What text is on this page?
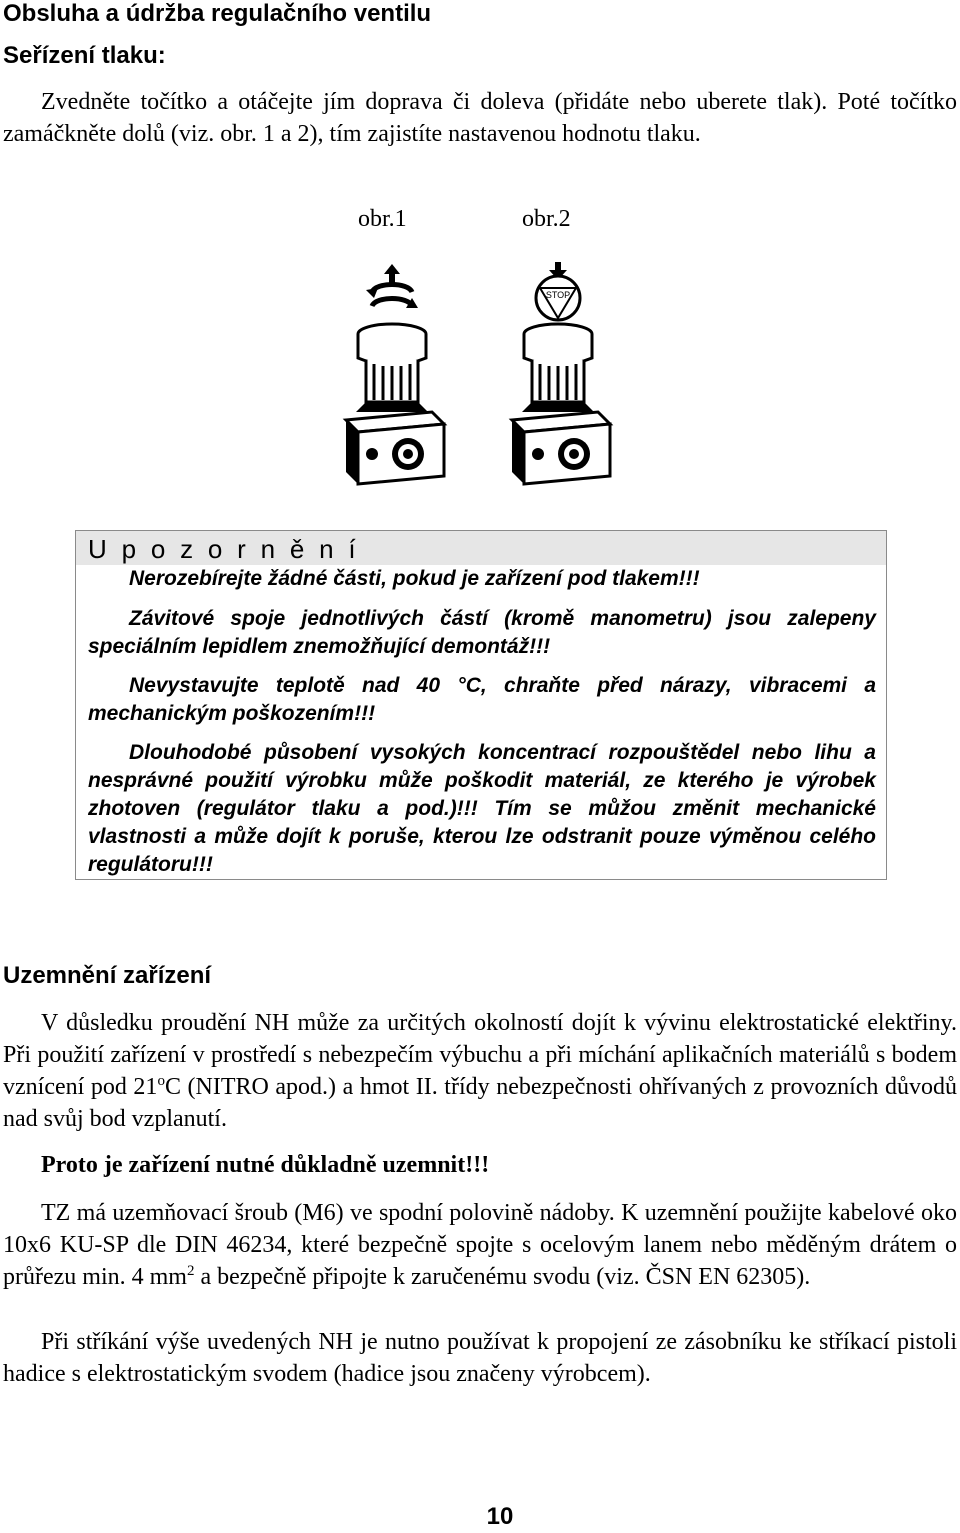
Obsluha a údržba regulačního ventilu
Seřízení tlaku:
Zvedněte točítko a otáčejte jím doprava či doleva (přidáte nebo uberete tlak). Poté točítko zamáčkněte dolů (viz. obr. 1 a 2), tím zajistíte nastavenou hodnotu tlaku.
obr.1	obr.2
STOP
Upozornění
Nerozebírejte žádné části, pokud je zařízení pod tlakem!!!
Závitové spoje jednotlivých částí (kromě manometru) jsou zalepeny speciálním lepidlem znemožňující demontáž!!!
Nevystavujte teplotě nad 40 °C, chraňte před nárazy, vibracemi a mechanickým poškozením!!!
Dlouhodobé působení vysokých koncentrací rozpouštědel nebo lihu a nesprávné použití výrobku může poškodit materiál, ze kterého je výrobek zhotoven (regulátor tlaku a pod.)!!! Tím se můžou změnit mechanické vlastnosti a může dojít k poruše, kterou lze odstranit pouze výměnou celého regulátoru!!!
Uzemnění zařízení
V důsledku proudění NH může za určitých okolností dojít k vývinu elektrostatické elektřiny. Při použití zařízení v prostředí s nebezpečím výbuchu a při míchání aplikačních materiálů s bodem vznícení pod 21$^o$C (NITRO apod.) a hmot II. třídy nebezpečnosti ohřívaných z provozních důvodů nad svůj bod vzplanutí.
Proto je zařízení nutné důkladně uzemnit!!!
TZ má uzemňovací šroub (M6) ve spodní polovině nádoby. K uzemnění použijte kabelové oko 10x6 KU-SP dle DIN 46234, které bezpečně spojte s ocelovým lanem nebo měděným drátem o průřezu min. 4 $mm^2$ a bezpečně připojte k zaručenému svodu (viz. ČSN EN 62305).
Při stříkání výše uvedených NH je nutno používat k propojení ze zásobníku ke stříkací pistoli hadice s elektrostatickým svodem (hadice jsou značeny výrobcem).
10
